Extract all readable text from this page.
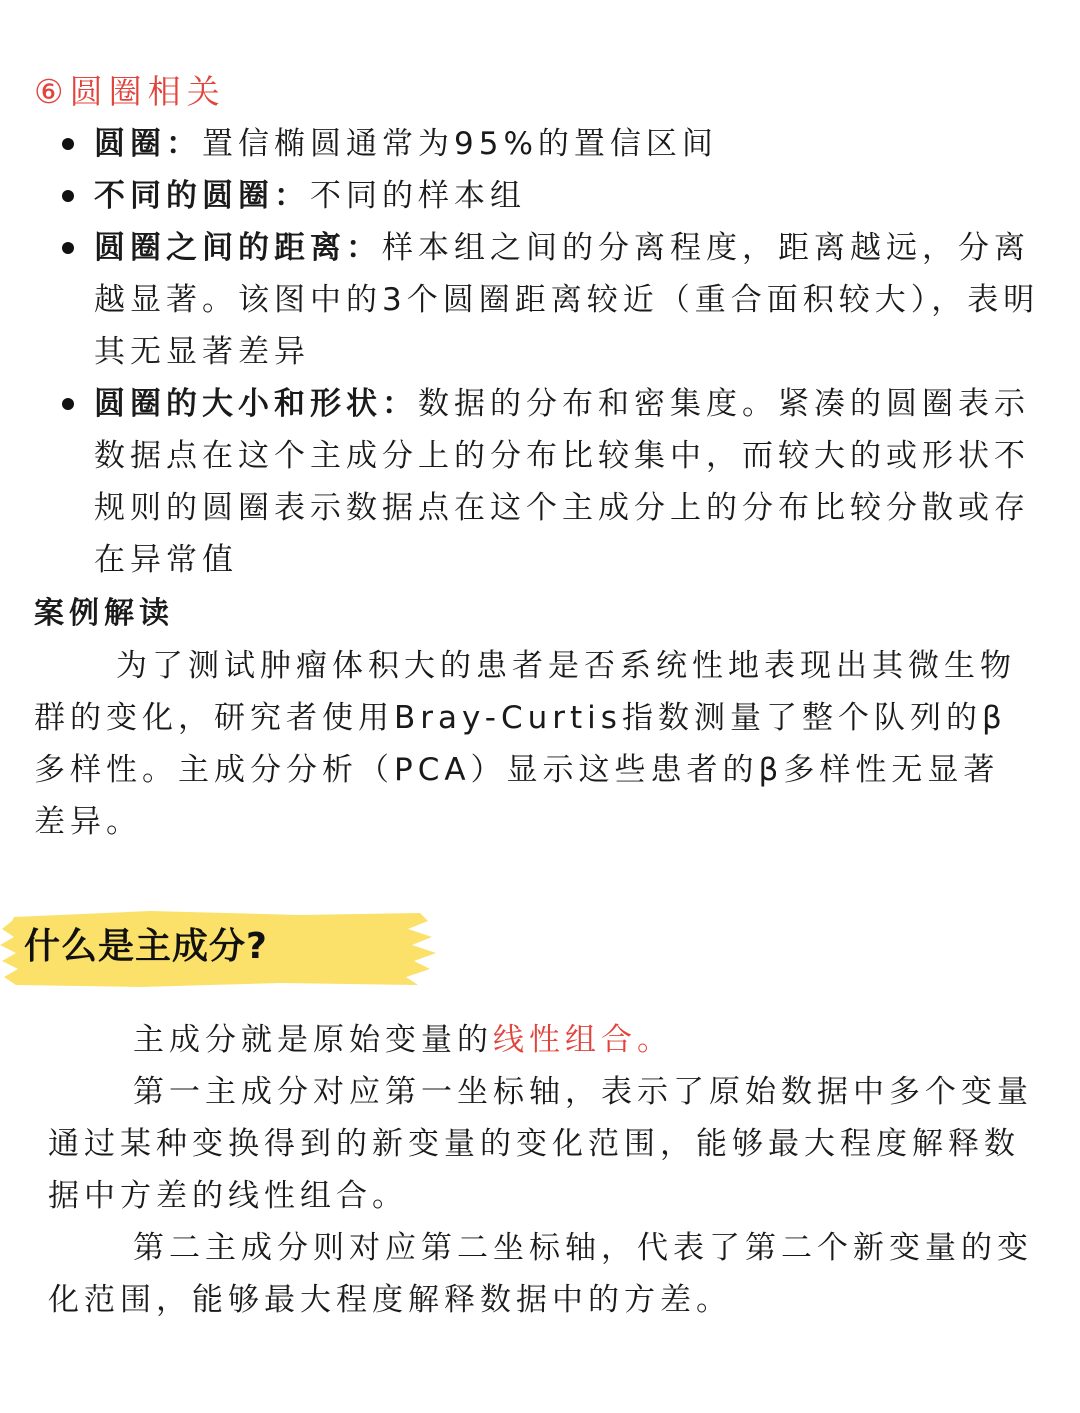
⑥圆圈相关
圆圈：置信椭圆通常为95%的置信区间
不同的圆圈：不同的样本组
圆圈之间的距离：样本组之间的分离程度，距离越远，分离越显著。该图中的3个圆圈距离较近（重合面积较大），表明其无显著差异
圆圈的大小和形状：数据的分布和密集度。紧凑的圆圈表示数据点在这个主成分上的分布比较集中，而较大的或形状不规则的圆圈表示数据点在这个主成分上的分布比较分散或存在异常值
案例解读

为了测试肿瘤体积大的患者是否系统性地表现出其微生物群的变化，研究者使用Bray-Curtis指数测量了整个队列的β多样性。主成分分析（PCA）显示这些患者的β多样性无显著差异。

什么是主成分?

主成分就是原始变量的线性组合。

第一主成分对应第一坐标轴，表示了原始数据中多个变量通过某种变换得到的新变量的变化范围，能够最大程度解释数据中方差的线性组合。

第二主成分则对应第二坐标轴，代表了第二个新变量的变化范围，能够最大程度解释数据中的方差。
